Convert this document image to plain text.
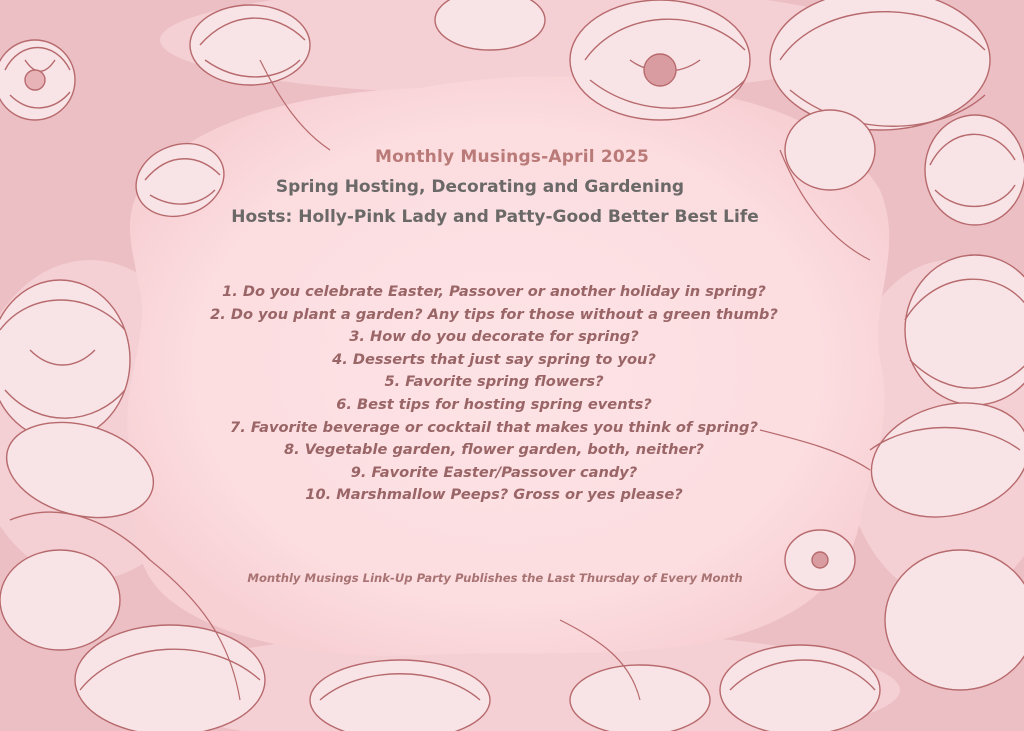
Monthly Musings-April 2025
Spring Hosting, Decorating and Gardening
Hosts: Holly-Pink Lady and Patty-Good Better Best Life
1. Do you celebrate Easter, Passover or another holiday in spring?
2. Do you plant a garden? Any tips for those without a green thumb?
3. How do you decorate for spring?
4. Desserts that just say spring to you?
5. Favorite spring flowers?
6. Best tips for hosting spring events?
7. Favorite beverage or cocktail that makes you think of spring?
8. Vegetable garden, flower garden, both, neither?
9. Favorite Easter/Passover candy?
10. Marshmallow Peeps? Gross or yes please?
Monthly Musings Link-Up Party Publishes the Last Thursday of Every Month
